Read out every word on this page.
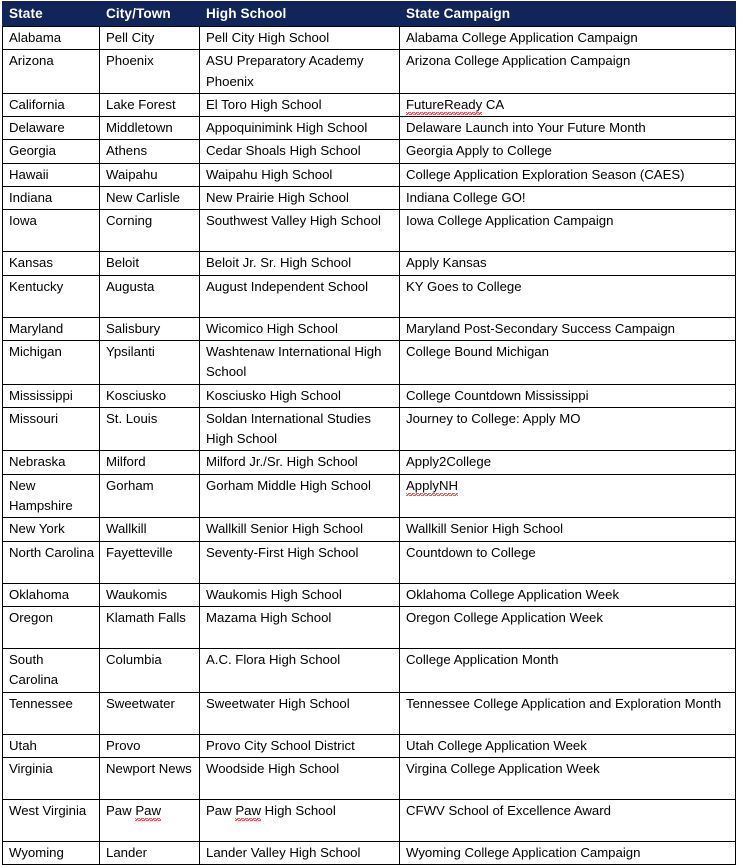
State	City/Town	High School	State Campaign
Alabama	Pell City	Pell City High School	Alabama College Application Campaign
Arizona	Phoenix	ASU Preparatory Academy Phoenix	Arizona College Application Campaign
California	Lake Forest	El Toro High School	FutureReady CA
Delaware	Middletown	Appoquinimink High School	Delaware Launch into Your Future Month
Georgia	Athens	Cedar Shoals High School	Georgia Apply to College
Hawaii	Waipahu	Waipahu High School	College Application Exploration Season (CAES)
Indiana	New Carlisle	New Prairie High School	Indiana College GO!
Iowa	Corning	Southwest Valley High School	Iowa College Application Campaign
Kansas	Beloit	Beloit Jr. Sr. High School	Apply Kansas
Kentucky	Augusta	August Independent School	KY Goes to College
Maryland	Salisbury	Wicomico High School	Maryland Post-Secondary Success Campaign
Michigan	Ypsilanti	Washtenaw International High School	College Bound Michigan
Mississippi	Kosciusko	Kosciusko High School	College Countdown Mississippi
Missouri	St. Louis	Soldan International Studies High School	Journey to College: Apply MO
Nebraska	Milford	Milford Jr./Sr. High School	Apply2College
New Hampshire	Gorham	Gorham Middle High School	ApplyNH
New York	Wallkill	Wallkill Senior High School	Wallkill Senior High School
North Carolina	Fayetteville	Seventy-First High School	Countdown to College
Oklahoma	Waukomis	Waukomis High School	Oklahoma College Application Week
Oregon	Klamath Falls	Mazama High School	Oregon College Application Week
South Carolina	Columbia	A.C. Flora High School	College Application Month
Tennessee	Sweetwater	Sweetwater High School	Tennessee College Application and Exploration Month
Utah	Provo	Provo City School District	Utah College Application Week
Virginia	Newport News	Woodside High School	Virgina College Application Week
West Virginia	Paw Paw	Paw Paw High School	CFWV School of Excellence Award
Wyoming	Lander	Lander Valley High School	Wyoming College Application Campaign
